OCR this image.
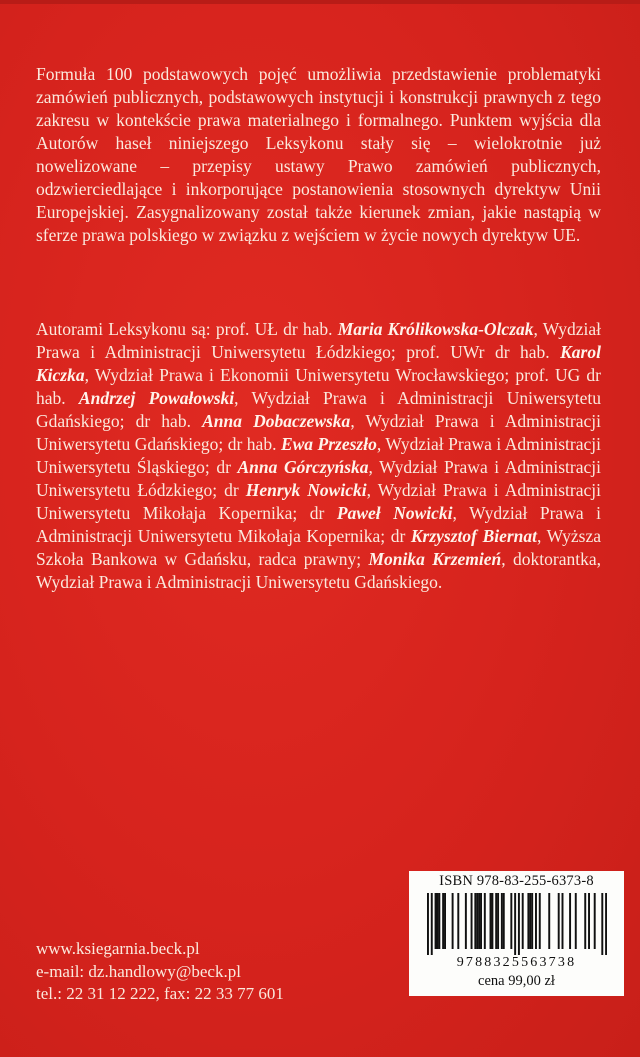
Formuła 100 podstawowych pojęć umożliwia przedstawienie problematyki zamówień publicznych, podstawowych instytucji i konstrukcji prawnych z tego zakresu w kontekście prawa materialnego i formalnego. Punktem wyjścia dla Autorów haseł niniejszego Leksykonu stały się – wielokrotnie już nowelizowane – przepisy ustawy Prawo zamówień publicznych, odzwierciedlające i inkorporujące postanowienia stosownych dyrektyw Unii Europejskiej. Zasygnalizowany został także kierunek zmian, jakie nastąpią w sferze prawa polskiego w związku z wejściem w życie nowych dyrektyw UE.

Autorami Leksykonu są: prof. UŁ dr hab. Maria Królikowska-Olczak, Wydział Prawa i Administracji Uniwersytetu Łódzkiego; prof. UWr dr hab. Karol Kiczka, Wydział Prawa i Ekonomii Uniwersytetu Wrocławskiego; prof. UG dr hab. Andrzej Powałowski, Wydział Prawa i Administracji Uniwersytetu Gdańskiego; dr hab. Anna Dobaczewska, Wydział Prawa i Administracji Uniwersytetu Gdańskiego; dr hab. Ewa Przeszło, Wydział Prawa i Administracji Uniwersytetu Śląskiego; dr Anna Górczyńska, Wydział Prawa i Administracji Uniwersytetu Łódzkiego; dr Henryk Nowicki, Wydział Prawa i Administracji Uniwersytetu Mikołaja Kopernika; dr Paweł Nowicki, Wydział Prawa i Administracji Uniwersytetu Mikołaja Kopernika; dr Krzysztof Biernat, Wyższa Szkoła Bankowa w Gdańsku, radca prawny; Monika Krzemień, doktorantka, Wydział Prawa i Administracji Uniwersytetu Gdańskiego.

www.ksiegarnia.beck.pl
e-mail: dz.handlowy@beck.pl
tel.: 22 31 12 222, fax: 22 33 77 601
ISBN 978-83-255-6373-8
9788325563738
cena 99,00 zł
